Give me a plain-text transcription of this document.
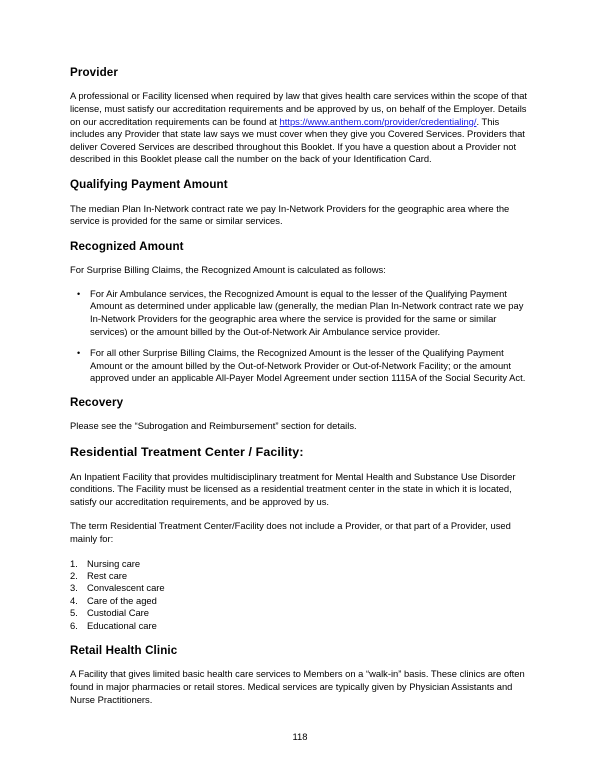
Provider

A professional or Facility licensed when required by law that gives health care services within the scope of that license, must satisfy our accreditation requirements and be approved by us, on behalf of the Employer. Details on our accreditation requirements can be found at https://www.anthem.com/provider/credentialing/. This includes any Provider that state law says we must cover when they give you Covered Services. Providers that deliver Covered Services are described throughout this Booklet. If you have a question about a Provider not described in this Booklet please call the number on the back of your Identification Card.

Qualifying Payment Amount

The median Plan In-Network contract rate we pay In-Network Providers for the geographic area where the service is provided for the same or similar services.

Recognized Amount

For Surprise Billing Claims, the Recognized Amount is calculated as follows:

• For Air Ambulance services, the Recognized Amount is equal to the lesser of the Qualifying Payment Amount as determined under applicable law (generally, the median Plan In-Network contract rate we pay In-Network Providers for the geographic area where the service is provided for the same or similar services) or the amount billed by the Out-of-Network Air Ambulance service provider.
• For all other Surprise Billing Claims, the Recognized Amount is the lesser of the Qualifying Payment Amount or the amount billed by the Out-of-Network Provider or Out-of-Network Facility; or the amount approved under an applicable All-Payer Model Agreement under section 1115A of the Social Security Act.
Recovery

Please see the “Subrogation and Reimbursement” section for details.

Residential Treatment Center / Facility:

An Inpatient Facility that provides multidisciplinary treatment for Mental Health and Substance Use Disorder conditions. The Facility must be licensed as a residential treatment center in the state in which it is located, satisfy our accreditation requirements, and be approved by us.

The term Residential Treatment Center/Facility does not include a Provider, or that part of a Provider, used mainly for:

1. Nursing care
2. Rest care
3. Convalescent care
4. Care of the aged
5. Custodial Care
6. Educational care
Retail Health Clinic

A Facility that gives limited basic health care services to Members on a “walk-in” basis. These clinics are often found in major pharmacies or retail stores. Medical services are typically given by Physician Assistants and Nurse Practitioners.

118
